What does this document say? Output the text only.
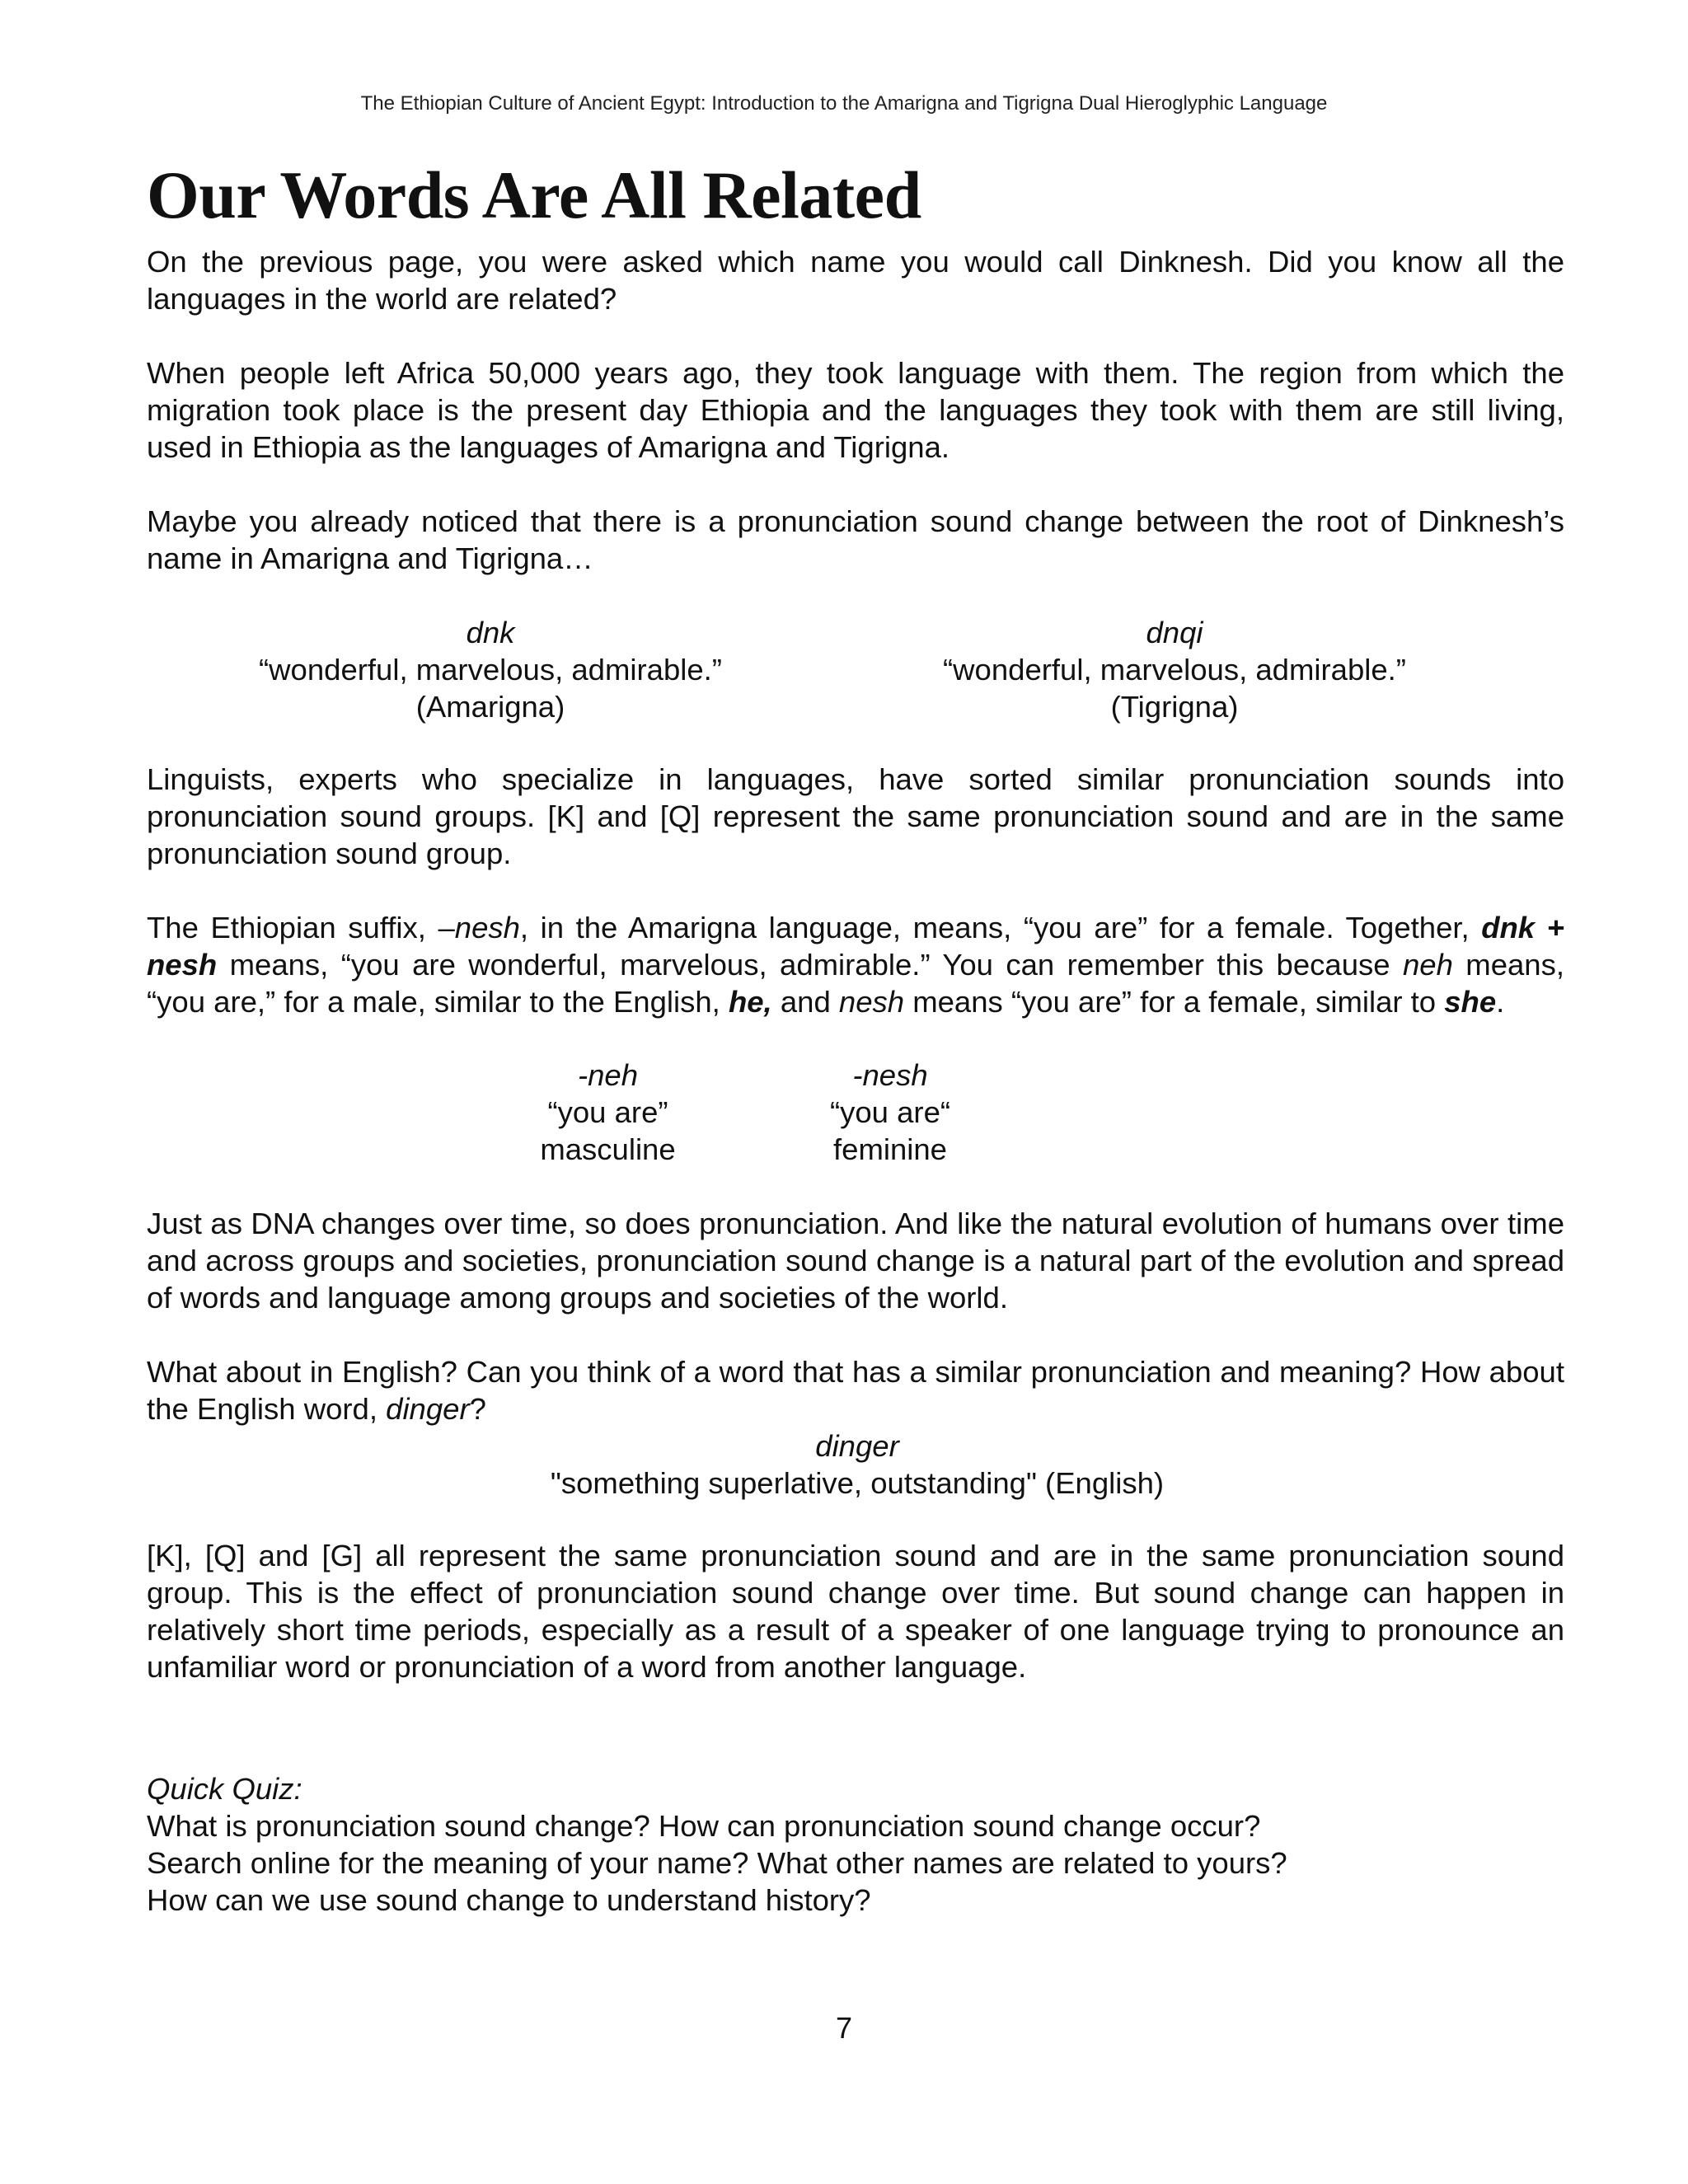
The Ethiopian Culture of Ancient Egypt: Introduction to the Amarigna and Tigrigna Dual Hieroglyphic Language
Our Words Are All Related

On the previous page, you were asked which name you would call Dinknesh. Did you know all the languages in the world are related?

When people left Africa 50,000 years ago, they took language with them. The region from which the migration took place is the present day Ethiopia and the languages they took with them are still living, used in Ethiopia as the languages of Amarigna and Tigrigna.

Maybe you already noticed that there is a pronunciation sound change between the root of Dinknesh’s name in Amarigna and Tigrigna…

dnk
“wonderful, marvelous, admirable.”
(Amarigna)
dnqi
“wonderful, marvelous, admirable.”
(Tigrigna)

Linguists, experts who specialize in languages, have sorted similar pronunciation sounds into pronunciation sound groups. [K] and [Q] represent the same pronunciation sound and are in the same pronunciation sound group.

The Ethiopian suffix, –nesh, in the Amarigna language, means, “you are” for a female. Together, dnk + nesh means, “you are wonderful, marvelous, admirable.” You can remember this because neh means, “you are,” for a male, similar to the English, he, and nesh means “you are” for a female, similar to she.

-neh
“you are”
masculine
-nesh
“you are“
feminine

Just as DNA changes over time, so does pronunciation. And like the natural evolution of humans over time and across groups and societies, pronunciation sound change is a natural part of the evolution and spread of words and language among groups and societies of the world.

What about in English? Can you think of a word that has a similar pronunciation and meaning? How about the English word, dinger?

dinger
"something superlative, outstanding" (English)

[K], [Q] and [G] all represent the same pronunciation sound and are in the same pronunciation sound group. This is the effect of pronunciation sound change over time. But sound change can happen in relatively short time periods, especially as a result of a speaker of one language trying to pronounce an unfamiliar word or pronunciation of a word from another language.

Quick Quiz:
What is pronunciation sound change? How can pronunciation sound change occur?
Search online for the meaning of your name? What other names are related to yours?
How can we use sound change to understand history?
7
